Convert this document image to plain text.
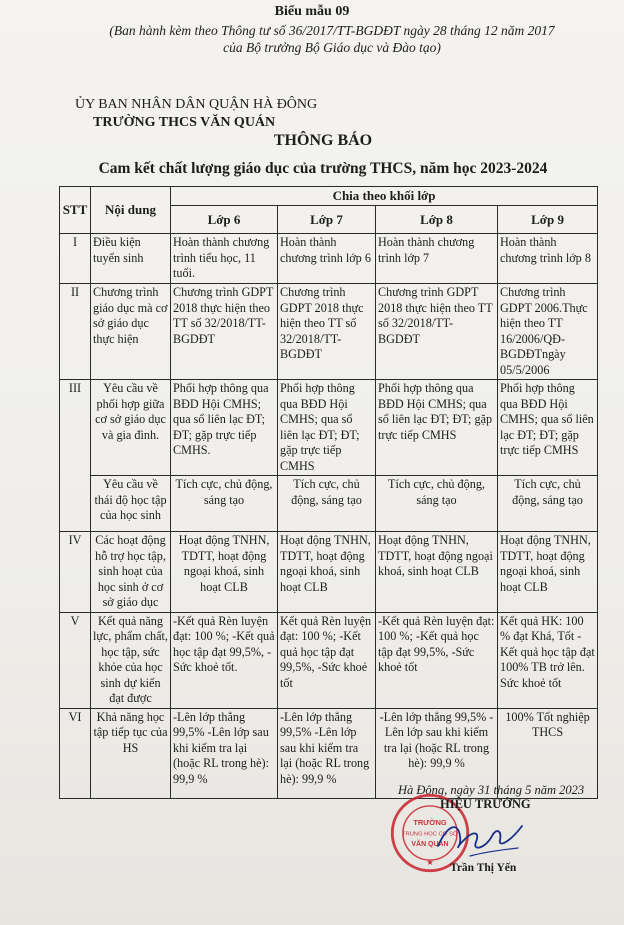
Biểu mẫu 09
(Ban hành kèm theo Thông tư số 36/2017/TT-BGDĐT ngày 28 tháng 12 năm 2017
của Bộ trưởng Bộ Giáo dục và Đào tạo)
ỦY BAN NHÂN DÂN QUẬN HÀ ĐÔNG
TRƯỜNG THCS VĂN QUÁN
THÔNG BÁO
Cam kết chất lượng giáo dục của trường THCS, năm học 2023-2024
STT	Nội dung	Chia theo khối lớp			
		Lớp 6	Lớp 7	Lớp 8	Lớp 9
I	Điều kiện tuyển sinh	Hoàn thành chương trình tiểu học, 11 tuổi.	Hoàn thành chương trình lớp 6	Hoàn thành chương trình lớp 7	Hoàn thành chương trình lớp 8
II	Chương trình giáo dục mà cơ sở giáo dục thực hiện	Chương trình GDPT 2018 thực hiện theo TT số 32/2018/TT-BGDĐT	Chương trình GDPT 2018 thực hiện theo TT số 32/2018/TT-BGDĐT	Chương trình GDPT 2018 thực hiện theo TT số 32/2018/TT-BGDĐT	Chương trình GDPT 2006.Thực hiện theo TT 16/2006/QĐ-BGDĐTngày 05/5/2006
III	Yêu cầu về phối hợp giữa cơ sở giáo dục và gia đình.	Phối hợp thông qua BĐD Hội CMHS; qua sổ liên lạc ĐT; ĐT; gặp trực tiếp CMHS.	Phối hợp thông qua BĐD Hội CMHS; qua sổ liên lạc ĐT; ĐT; gặp trực tiếp CMHS	Phối hợp thông qua BĐD Hội CMHS; qua sổ liên lạc ĐT; ĐT; gặp trực tiếp CMHS	Phối hợp thông qua BĐD Hội CMHS; qua sổ liên lạc ĐT; ĐT; gặp trực tiếp CMHS
	Yêu cầu về thái độ học tập của học sinh	Tích cực, chủ động, sáng tạo	Tích cực, chủ động, sáng tạo	Tích cực, chủ động, sáng tạo	Tích cực, chủ động, sáng tạo
IV	Các hoạt động hỗ trợ học tập, sinh hoạt của học sinh ở cơ sở giáo dục	Hoạt động TNHN, TDTT, hoạt động ngoại khoá, sinh hoạt CLB	Hoạt động TNHN, TDTT, hoạt động ngoại khoá, sinh hoạt CLB	Hoạt động TNHN, TDTT, hoạt động ngoại khoá, sinh hoạt CLB	Hoạt động TNHN, TDTT, hoạt động ngoại khoá, sinh hoạt CLB
V	Kết quả năng lực, phẩm chất, học tập, sức khỏe của học sinh dự kiến đạt được	-Kết quả Rèn luyện đạt: 100 %; -Kết quả học tập đạt 99,5%, -Sức khoẻ tốt.	Kết quả Rèn luyện đạt: 100 %; -Kết quả học tập đạt 99,5%, -Sức khoẻ tốt	-Kết quả Rèn luyện đạt: 100 %; -Kết quả học tập đạt 99,5%, -Sức khoẻ tốt	Kết quả HK: 100 % đạt Khá, Tốt -Kết quả học tập đạt 100% TB trở lên. Sức khoẻ tốt
VI	Khả năng học tập tiếp tục của HS	-Lên lớp thẳng 99,5% -Lên lớp sau khi kiểm tra lại (hoặc RL trong hè): 99,9 %	-Lên lớp thẳng 99,5% -Lên lớp sau khi kiểm tra lại (hoặc RL trong hè): 99,9 %	-Lên lớp thẳng 99,5% -Lên lớp sau khi kiểm tra lại (hoặc RL trong hè): 99,9 %	100% Tốt nghiệp THCS
Hà Đông, ngày 31 tháng 5 năm 2023
TRƯỜNG
TRUNG HỌC CƠ SỞ
VĂN QUÁN
★
HIỆU TRƯỞNG
Trần Thị Yến
